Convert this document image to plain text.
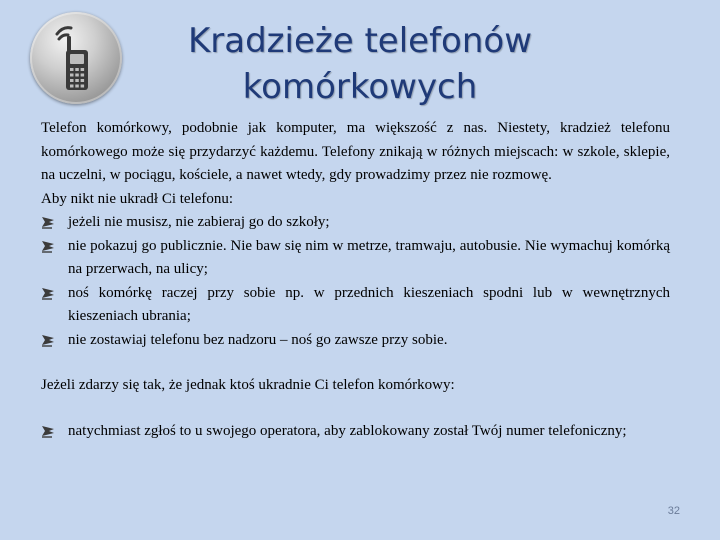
Kradzieże telefonów
komórkowych

Telefon komórkowy, podobnie jak komputer, ma większość z nas. Niestety, kradzież telefonu komórkowego może się przydarzyć każdemu. Telefony znikają w różnych miejscach: w szkole, sklepie, na uczelni, w pociągu, kościele, a nawet wtedy, gdy prowadzimy przez nie rozmowę.

Aby nikt nie ukradł Ci telefonu:

jeżeli nie musisz, nie zabieraj go do szkoły;
nie pokazuj go publicznie. Nie baw się nim w metrze, tramwaju, autobusie. Nie wymachuj komórką na przerwach, na ulicy;
noś komórkę raczej przy sobie np. w przednich kieszeniach spodni lub w wewnętrznych kieszeniach ubrania;
nie zostawiaj telefonu bez nadzoru – noś go zawsze przy sobie.

Jeżeli zdarzy się tak, że jednak ktoś ukradnie Ci telefon komórkowy:

natychmiast zgłoś to u swojego operatora, aby zablokowany został Twój numer telefoniczny;
32
